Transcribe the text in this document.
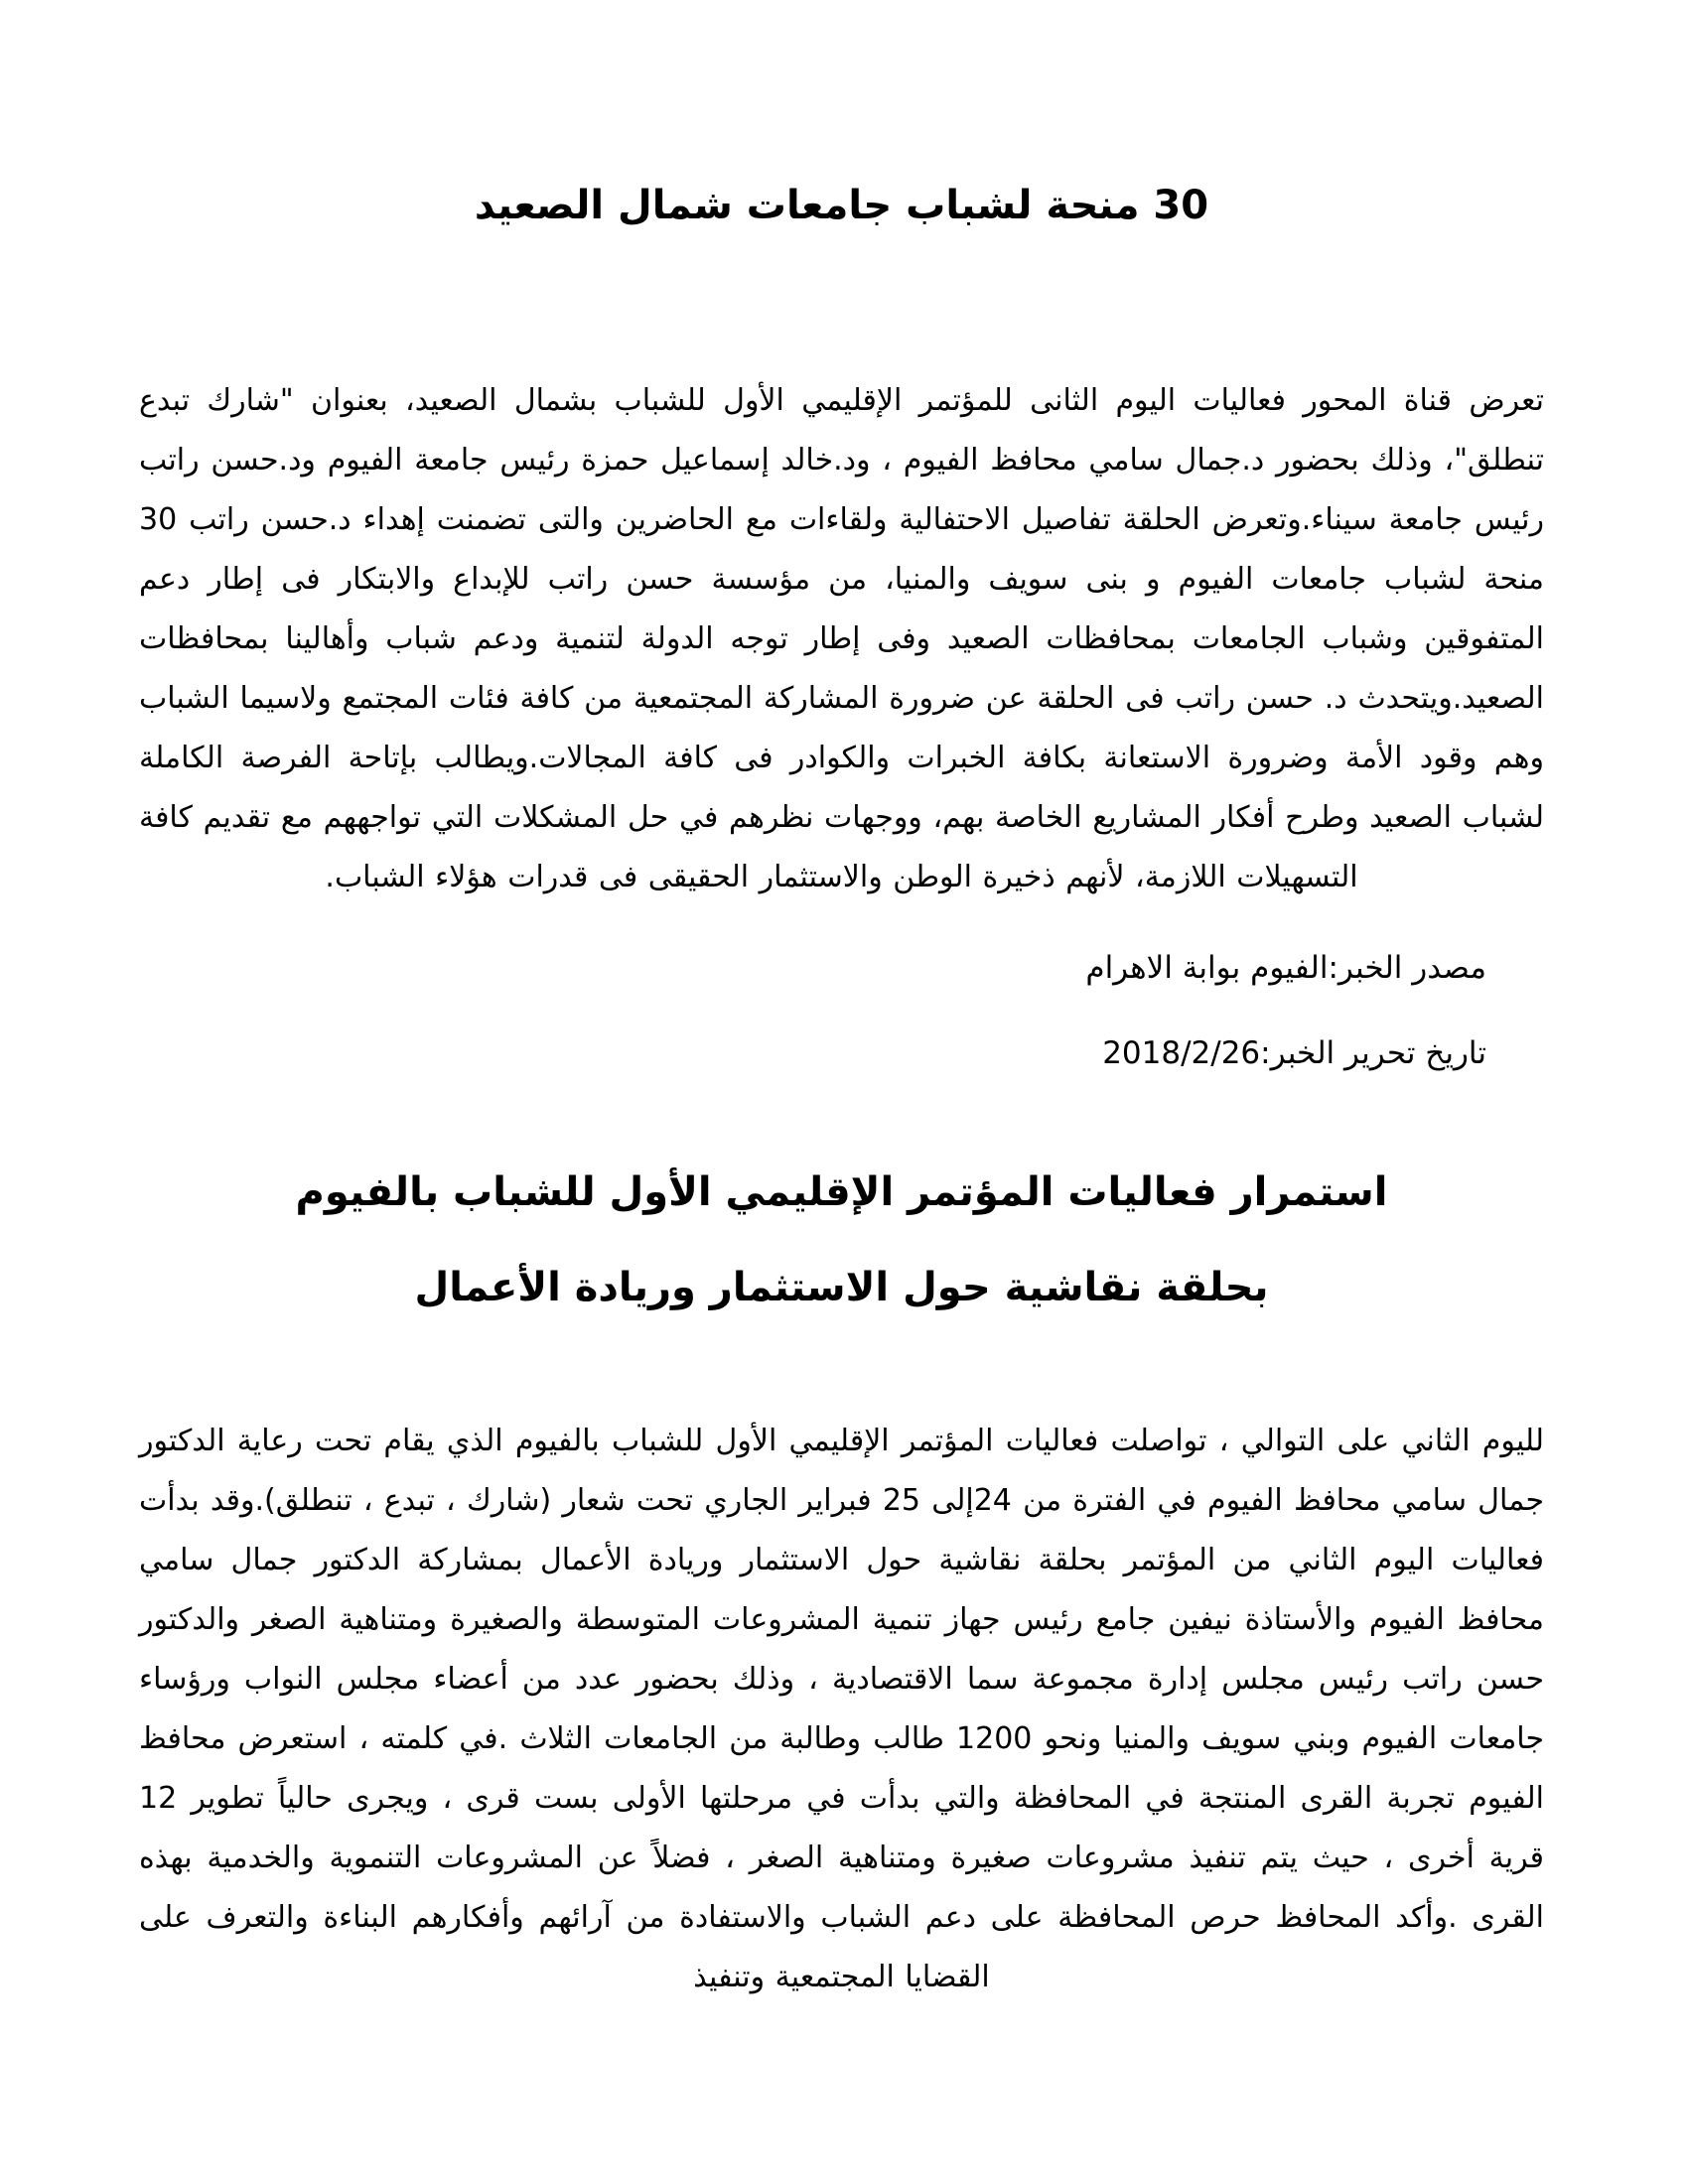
30 منحة لشباب جامعات شمال الصعيد
تعرض قناة المحور فعاليات اليوم الثانى للمؤتمر الإقليمي الأول للشباب بشمال الصعيد، بعنوان "شارك تبدع تنطلق"، وذلك بحضور د.جمال سامي محافظ الفيوم ، ود.خالد إسماعيل حمزة رئيس جامعة الفيوم ود.حسن راتب رئيس جامعة سيناء.وتعرض الحلقة تفاصيل الاحتفالية ولقاءات مع الحاضرين والتى تضمنت إهداء د.حسن راتب 30 منحة لشباب جامعات الفيوم و بنى سويف والمنيا، من مؤسسة حسن راتب للإبداع والابتكار فى إطار دعم المتفوقين وشباب الجامعات بمحافظات الصعيد وفى إطار توجه الدولة لتنمية ودعم شباب وأهالينا بمحافظات الصعيد.ويتحدث د. حسن راتب فى الحلقة عن ضرورة المشاركة المجتمعية من كافة فئات المجتمع ولاسيما الشباب وهم وقود الأمة وضرورة الاستعانة بكافة الخبرات والكوادر فى كافة المجالات.ويطالب بإتاحة الفرصة الكاملة لشباب الصعيد وطرح أفكار المشاريع الخاصة بهم، ووجهات نظرهم في حل المشكلات التي تواجههم مع تقديم كافة التسهيلات اللازمة، لأنهم ذخيرة الوطن والاستثمار الحقيقى فى قدرات هؤلاء الشباب.
مصدر الخبر:الفيوم بوابة الاهرام
تاريخ تحرير الخبر:2018/2/26
استمرار فعاليات المؤتمر الإقليمي الأول للشباب بالفيوم
بحلقة نقاشية حول الاستثمار وريادة الأعمال
لليوم الثاني على التوالي ، تواصلت فعاليات المؤتمر الإقليمي الأول للشباب بالفيوم الذي يقام تحت رعاية الدكتور جمال سامي محافظ الفيوم في الفترة من 24إلى 25 فبراير الجاري تحت شعار (شارك ، تبدع ، تنطلق).وقد بدأت فعاليات اليوم الثاني من المؤتمر بحلقة نقاشية حول الاستثمار وريادة الأعمال بمشاركة الدكتور جمال سامي محافظ الفيوم والأستاذة نيفين جامع رئيس جهاز تنمية المشروعات المتوسطة والصغيرة ومتناهية الصغر والدكتور حسن راتب رئيس مجلس إدارة مجموعة سما الاقتصادية ، وذلك بحضور عدد من أعضاء مجلس النواب ورؤساء جامعات الفيوم وبني سويف والمنيا ونحو 1200 طالب وطالبة من الجامعات الثلاث .في كلمته ، استعرض محافظ الفيوم تجربة القرى المنتجة في المحافظة والتي بدأت في مرحلتها الأولى بست قرى ، ويجرى حالياً تطوير 12 قرية أخرى ، حيث يتم تنفيذ مشروعات صغيرة ومتناهية الصغر ، فضلاً عن المشروعات التنموية والخدمية بهذه القرى .وأكد المحافظ حرص المحافظة على دعم الشباب والاستفادة من آرائهم وأفكارهم البناءة والتعرف على القضايا المجتمعية وتنفيذ
